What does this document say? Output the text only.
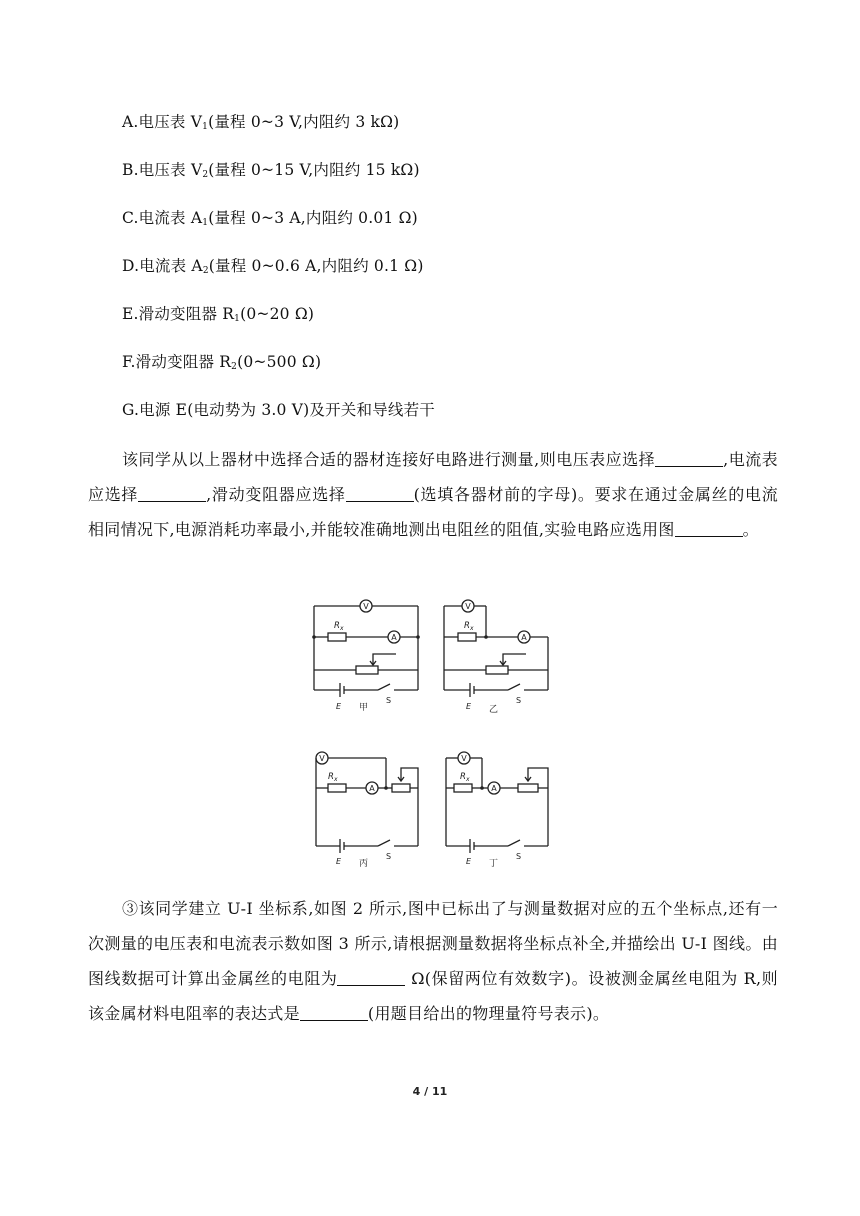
A.电压表 $V_1$(量程 0~3 V,内阻约 3 kΩ)
B.电压表 $V_2$(量程 0~15 V,内阻约 15 kΩ)
C.电流表 $A_1$(量程 0~3 A,内阻约 0.01 Ω)
D.电流表 $A_2$(量程 0~0.6 A,内阻约 0.1 Ω)
E.滑动变阻器 $R_1(0\sim 20$ Ω)
F.滑动变阻器 $R_2(0\sim 500$ Ω)
G.电源 E(电动势为 3.0 V)及开关和导线若干
该同学从以上器材中选择合适的器材连接好电路进行测量,则电压表应选择	,电流表应选择	,滑动变阻器应选择	(选填各器材前的字母)。要求在通过金属丝的电流相同情况下,电源消耗功率最小,并能较准确地测出电阻丝的阻值,实验电路应选用图	。
V
R x
A
E
S
甲
V
R x
A
E
S
乙
V
R x
A
E
S
丙
V
R x
A
E
S
丁
③该同学建立 U-I 坐标系,如图 2 所示,图中已标出了与测量数据对应的五个坐标点,还有一次测量的电压表和电流表示数如图 3 所示,请根据测量数据将坐标点补全,并描绘出 U-I 图线。由图线数据可计算出金属丝的电阻为	Ω(保留两位有效数字)。设被测金属丝电阻为 R,则该金属材料电阻率的表达式是	(用题目给出的物理量符号表示)。
4 / 11
